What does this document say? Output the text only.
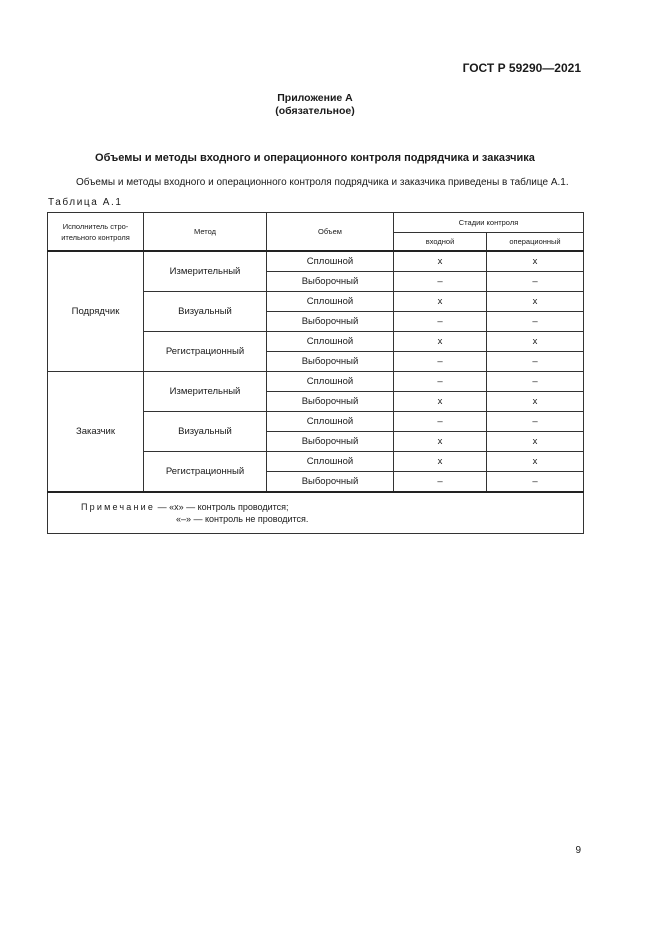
ГОСТ Р 59290—2021
Приложение А
(обязательное)
Объемы и методы входного и операционного контроля подрядчика и заказчика
Объемы и методы входного и операционного контроля подрядчика и заказчика приведены в таблице А.1.
Таблица А.1
Исполнитель стро-
ительного контроля	Метод	Объем	Стадии контроля	
			входной	операционный
Подрядчик	Измерительный	Сплошной	x	x
		Выборочный	–	–
	Визуальный	Сплошной	x	x
		Выборочный	–	–
	Регистрационный	Сплошной	x	x
		Выборочный	–	–
Заказчик	Измерительный	Сплошной	–	–
		Выборочный	x	x
	Визуальный	Сплошной	–	–
		Выборочный	x	x
	Регистрационный	Сплошной	x	x
		Выборочный	–	–
Примечание — «x» — контроль проводится;
«–» — контроль не проводится.				
9
